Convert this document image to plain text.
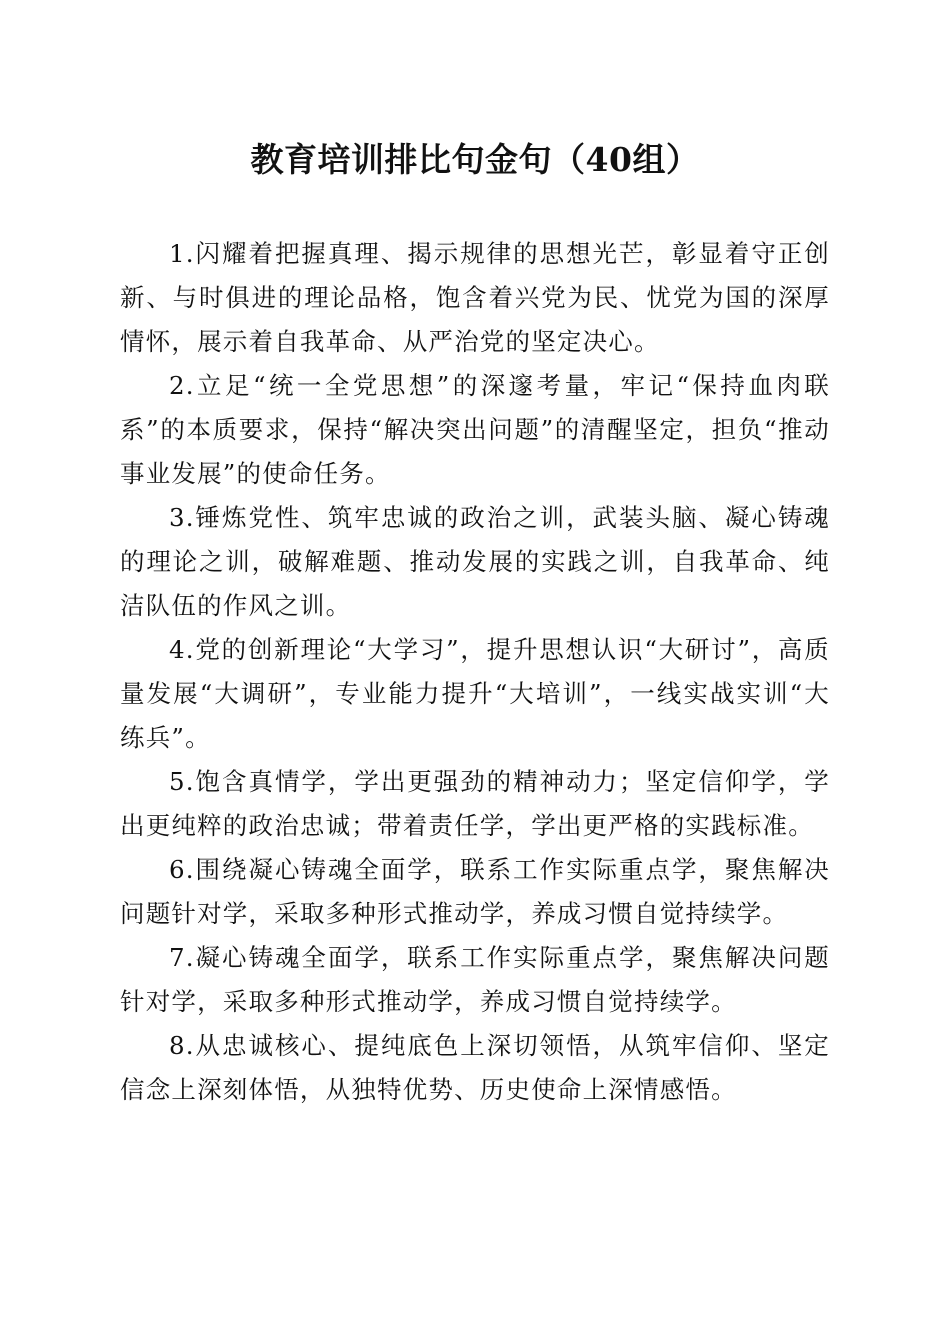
教育培训排比句金句（40组）

1.闪耀着把握真理、揭示规律的思想光芒，彰显着守正创新、与时俱进的理论品格，饱含着兴党为民、忧党为国的深厚情怀，展示着自我革命、从严治党的坚定决心。

2.立足“统一全党思想”的深邃考量，牢记“保持血肉联系”的本质要求，保持“解决突出问题”的清醒坚定，担负“推动事业发展”的使命任务。

3.锤炼党性、筑牢忠诚的政治之训，武装头脑、凝心铸魂的理论之训，破解难题、推动发展的实践之训，自我革命、纯洁队伍的作风之训。

4.党的创新理论“大学习”，提升思想认识“大研讨”，高质量发展“大调研”，专业能力提升“大培训”，一线实战实训“大练兵”。

5.饱含真情学，学出更强劲的精神动力；坚定信仰学，学出更纯粹的政治忠诚；带着责任学，学出更严格的实践标准。

6.围绕凝心铸魂全面学，联系工作实际重点学，聚焦解决问题针对学，采取多种形式推动学，养成习惯自觉持续学。

7.凝心铸魂全面学，联系工作实际重点学，聚焦解决问题针对学，采取多种形式推动学，养成习惯自觉持续学。

8.从忠诚核心、提纯底色上深切领悟，从筑牢信仰、坚定信念上深刻体悟，从独特优势、历史使命上深情感悟。
